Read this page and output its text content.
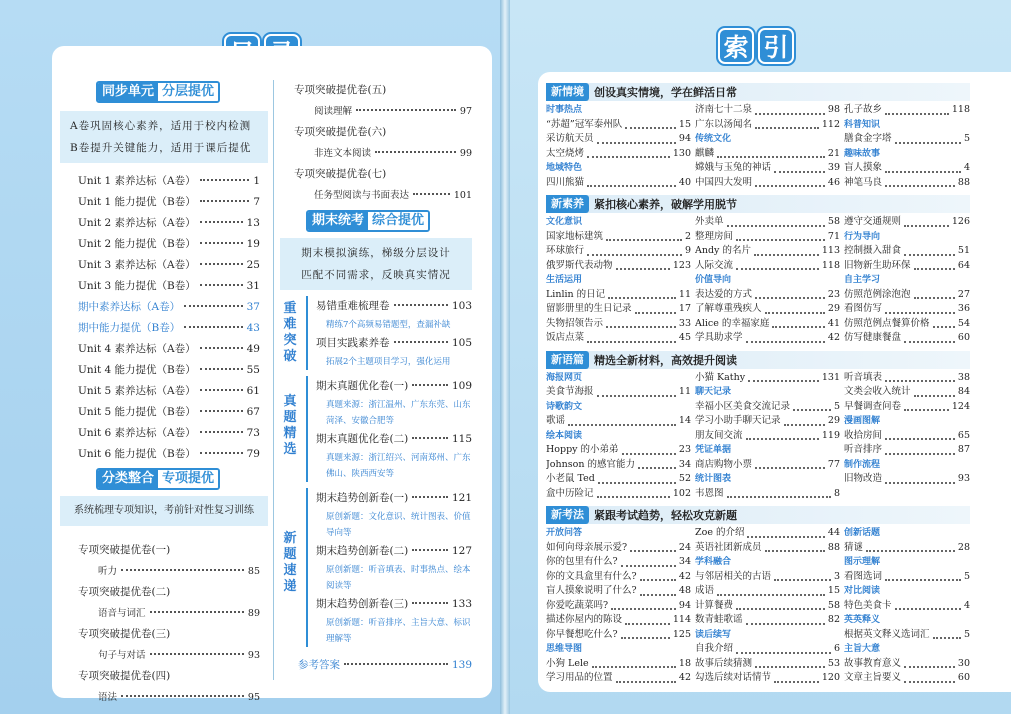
同步单元 分层提优
A卷巩固核心素养，适用于校内检测
B卷提升关键能力，适用于课后提优
Unit 1 素养达标（A卷）	1
Unit 1 能力提优（B卷）	7
Unit 2 素养达标（A卷）	13
Unit 2 能力提优（B卷）	19
Unit 3 素养达标（A卷）	25
Unit 3 能力提优（B卷）	31
期中素养达标（A卷）	37
期中能力提优（B卷）	43
Unit 4 素养达标（A卷）	49
Unit 4 能力提优（B卷）	55
Unit 5 素养达标（A卷）	61
Unit 5 能力提优（B卷）	67
Unit 6 素养达标（A卷）	73
Unit 6 能力提优（B卷）	79
分类整合 专项提优
系统梳理专项知识，考前针对性复习训练
专项突破提优卷(一)
听力	85
专项突破提优卷(二)
语音与词汇	89
专项突破提优卷(三)
句子与对话	93
专项突破提优卷(四)
语法	95
专项突破提优卷(五)
阅读理解	97
专项突破提优卷(六)
非连文本阅读	99
专项突破提优卷(七)
任务型阅读与书面表达	101
期末统考 综合提优
期末模拟演练，梯级分层设计
匹配不同需求，反映真实情况
重
难
突
破
易错重难梳理卷	103
精练7个高频易错题型，查漏补缺
项目实践素养卷	105
拓展2个主题项目学习，强化运用
真
题
精
选
期末真题优化卷(一)	109
真题来源：浙江温州、广东东莞、山东菏泽、安徽合肥等
期末真题优化卷(二)	115
真题来源：浙江绍兴、河南郑州、广东佛山、陕西西安等
新
题
速
递
期末趋势创新卷(一)	121
原创新题：文化意识、统计图表、价值导向等
期末趋势创新卷(二)	127
原创新题：听音填表、时事热点、绘本阅读等
期末趋势创新卷(三)	133
原创新题：听音排序、主旨大意、标识理解等
参考答案	139
索 引
新情境 创设真实情境，学在鲜活日常
时事热点
“苏超”冠军泰州队	15
采访航天员	94
太空烧烤	130
地域特色
四川熊猫	40
济南七十二泉	98
广东以汤闻名	112
传统文化
麒麟	21
嫦娥与玉兔的神话	39
中国四大发明	46
孔子故乡	118
科普知识
膳食金字塔	5
趣味故事
盲人摸象	4
神笔马良	88
新素养 紧扣核心素养，破解学用脱节
文化意识
国家地标建筑	2
环球旅行	9
俄罗斯代表动物	123
生活运用
Linlin 的日记	11
留影册里的生日记录	17
失物招领告示	33
饭店点菜	45
外卖单	58
整理房间	71
Andy 的名片	113
人际交流	118
价值导向
表达爱的方式	23
了解尊重残疾人	29
Alice 的幸福家庭	41
学具助求学	42
遵守交通规则	126
行为导向
控制摄入甜食	51
旧物新生助环保	64
自主学习
仿照范例涂泡泡	27
看图仿写	36
仿照范例点餐算价格	54
仿写健康餐盘	60
新语篇 精选全新材料，高效提升阅读
海报网页
美食节海报	11
诗歌韵文
歌谣	14
绘本阅读
Hoppy 的小弟弟	23
Johnson 的感官能力	34
小老鼠 Ted	52
盒中历险记	102
小猫 Kathy	131
聊天记录
幸福小区美食交流记录	5
学习小助手聊天记录	29
朋友间交流	119
凭证单据
商店购物小票	77
统计图表
韦恩图	8
听音填表	38
文类会收入统计	84
早餐调查问卷	124
漫画图解
收拾房间	65
听音排序	87
制作流程
旧物改造	93
新考法 紧跟考试趋势，轻松攻克新题
开放问答
如何向母亲展示爱?	24
你的包里有什么?	34
你的文具盒里有什么?	42
盲人摸象说明了什么?	48
你爱吃蔬菜吗?	94
描述你屋内的陈设	114
你早餐想吃什么?	125
思维导图
小狗 Lele	18
学习用品的位置	42
Zoe 的介绍	44
英语社团新成员	88
学科融合
与邻居相关的古语	3
成语	15
计算餐费	58
数青蛙歌谣	82
读后续写
自我介绍	6
故事后续猜测	53
勾选后续对话情节	120
创新话题
猜谜	28
图示理解
看图选词	5
对比阅读
特色美食卡	4
英英释义
根据英文释义选词汇	5
主旨大意
故事教育意义	30
文章主旨要义	60
